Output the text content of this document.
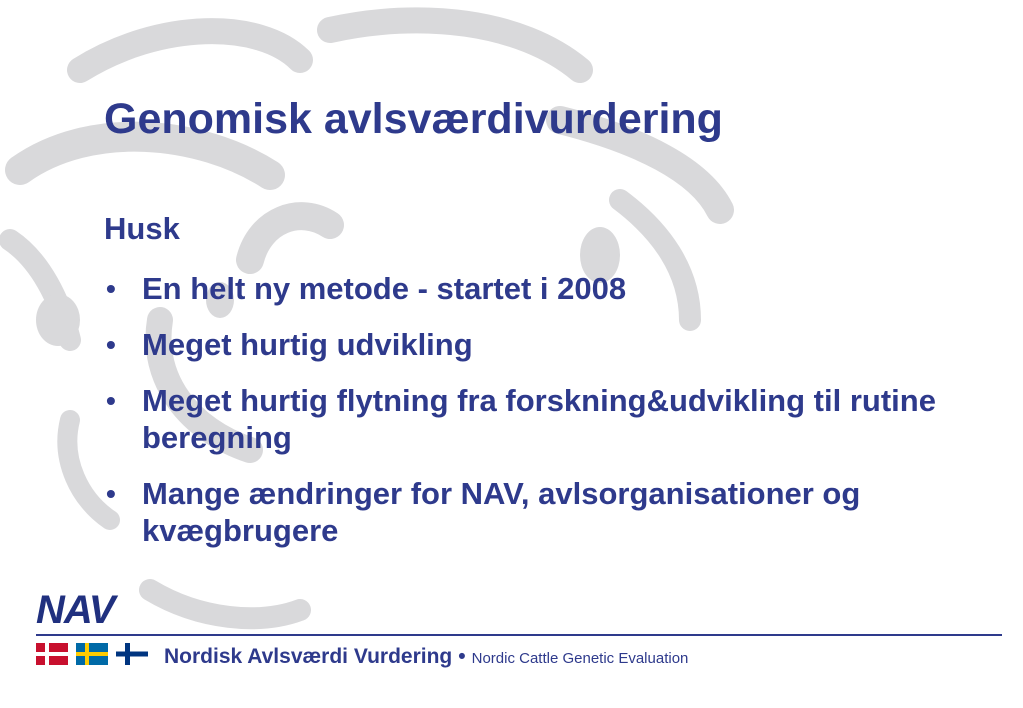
Genomisk avlsværdivurdering
Husk
• En helt ny metode - startet i 2008
• Meget hurtig udvikling
• Meget hurtig flytning fra forskning&udvikling til rutine beregning
• Mange ændringer for NAV, avlsorganisationer og kvægbrugere
NAV
Nordisk Avlsværdi Vurdering • Nordic Cattle Genetic Evaluation
